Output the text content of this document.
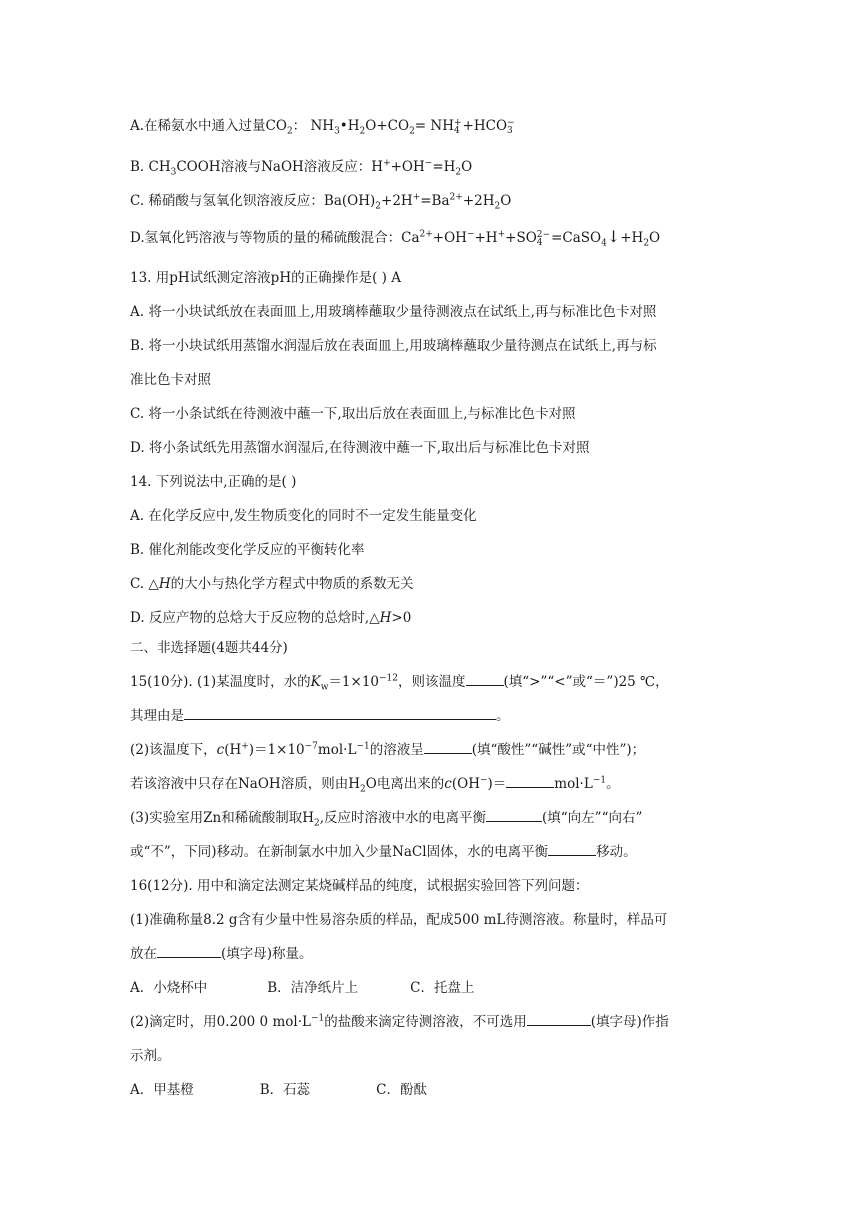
A.在稀氨水中通入过量$CO_2$： $NH_3•H_2O+CO_2=$ NH +
4 +HCO −
3
B. $CH_3COOH$溶液与NaOH溶液反应：$H^++OH^-=H_2O$
C. 稀硝酸与氢氧化钡溶液反应：$Ba(OH)_2+2H^+=Ba^{2+}+2H_2O$
D.氢氧化钙溶液与等物质的量的稀硫酸混合：$Ca^{2+}+OH^-+H^++SO$ 2−
$4 =CaSO_4↓+H_2O$
13. 用pH试纸测定溶液pH的正确操作是( ) A
A. 将一小块试纸放在表面皿上,用玻璃棒蘸取少量待测液点在试纸上,再与标准比色卡对照
B. 将一小块试纸用蒸馏水润湿后放在表面皿上,用玻璃棒蘸取少量待测点在试纸上,再与标
准比色卡对照
C. 将一小条试纸在待测液中蘸一下,取出后放在表面皿上,与标准比色卡对照
D. 将小条试纸先用蒸馏水润湿后,在待测液中蘸一下,取出后与标准比色卡对照
14. 下列说法中,正确的是( )
A. 在化学反应中,发生物质变化的同时不一定发生能量变化
B. 催化剂能改变化学反应的平衡转化率
C. △H的大小与热化学方程式中物质的系数无关
D. 反应产物的总焓大于反应物的总焓时,△H>0
二、非选择题(4题共44分)
15(10分). (1)某温度时，水的$K_w=1\times 10^{-12}$，则该温度	(填“>”“<”或“＝”)25 ℃，
其理由是	。
(2)该温度下，$c(H^+)=1\times 10^{-7}mol\cdot L^{-1}$的溶液呈	(填“酸性”“碱性”或“中性”)；
若该溶液中只存在NaOH溶质，则由$H_2O$电离出来的c(OH−)＝	$mol\cdot L^{-1}$。
(3)实验室用Zn和稀硫酸制取$H_2$,反应时溶液中水的电离平衡	(填“向左”“向右”
或“不”，下同)移动。在新制氯水中加入少量NaCl固体，水的电离平衡	移动。
16(12分). 用中和滴定法测定某烧碱样品的纯度，试根据实验回答下列问题：
(1)准确称量8.2 g含有少量中性易溶杂质的样品，配成500 mL待测溶液。称量时，样品可
放在	(填字母)称量。
A．小烧杯中	B．洁净纸片上	C．托盘上
(2)滴定时，用0.200 0 $mol\cdot L^{-1}$的盐酸来滴定待测溶液，不可选用	(填字母)作指
示剂。
A．甲基橙	B．石蕊	C．酚酞
